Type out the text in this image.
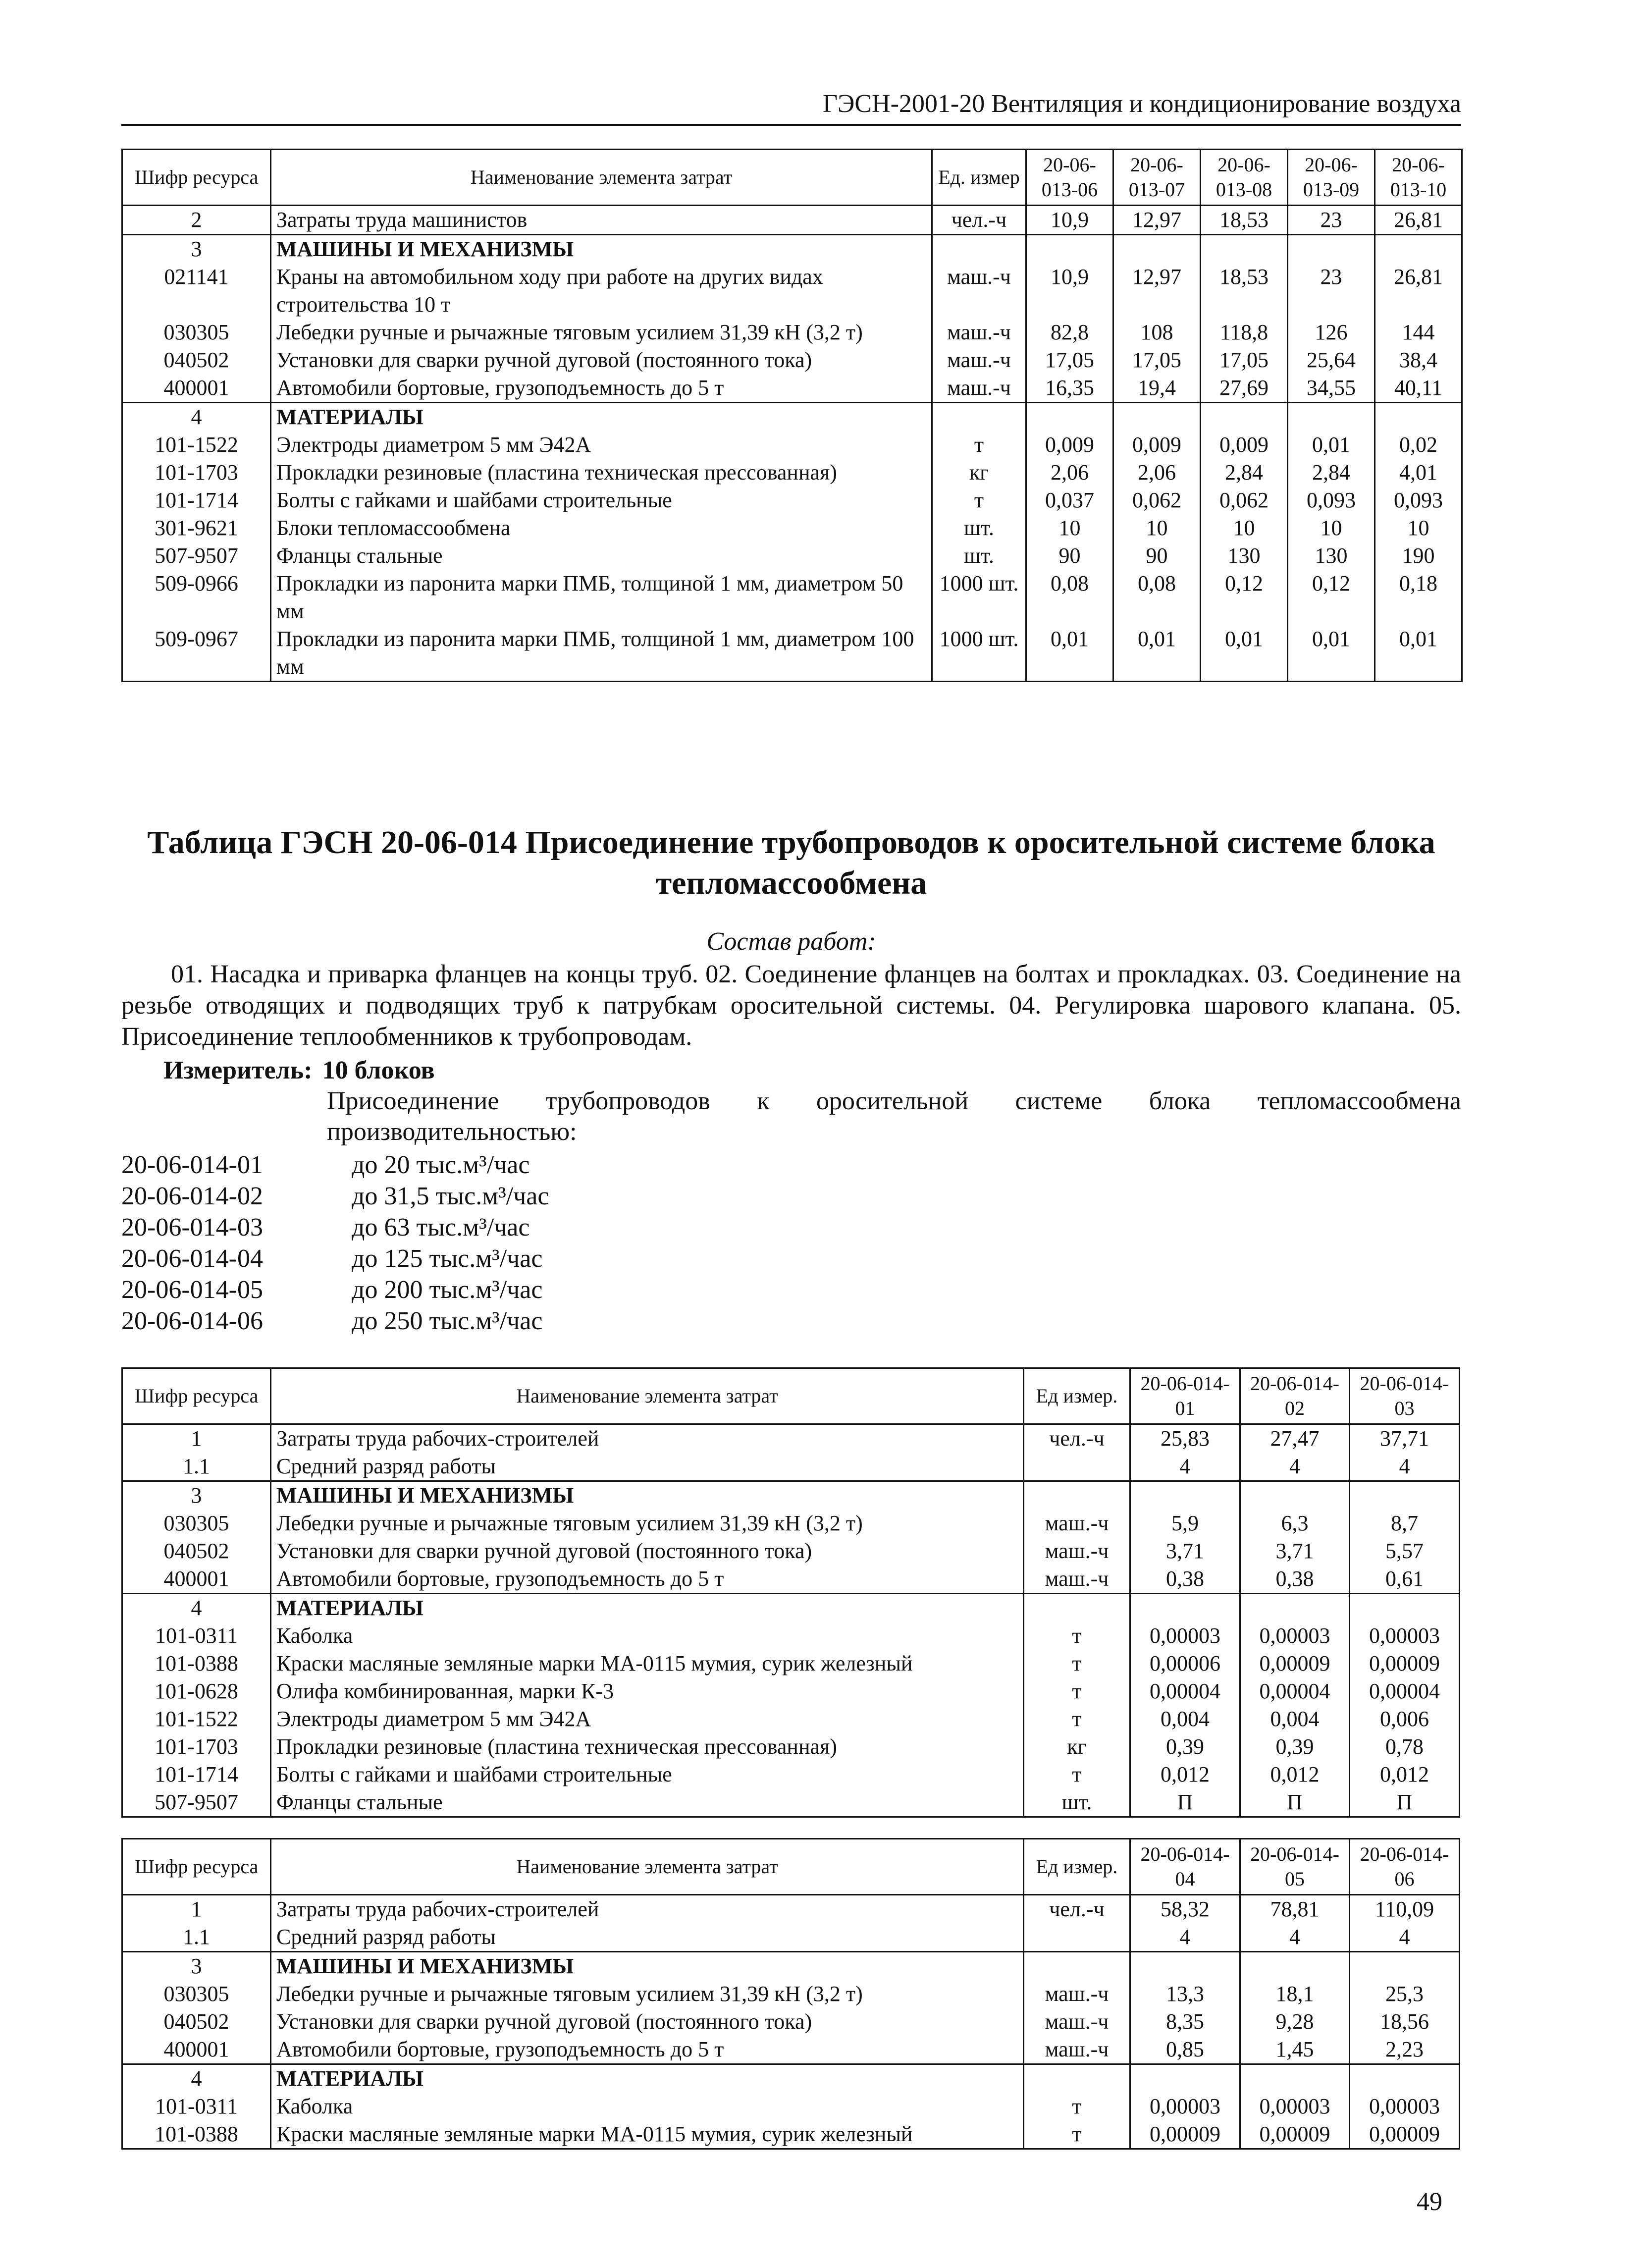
ГЭСН-2001-20 Вентиляция и кондиционирование воздуха
Шифр ресурса	Наименование элемента затрат	Ед. измер	20-06-013-06	20-06-013-07	20-06-013-08	20-06-013-09	20-06-013-10
2	Затраты труда машинистов	чел.-ч	10,9	12,97	18,53	23	26,81
3	МАШИНЫ И МЕХАНИЗМЫ						
021141	Краны на автомобильном ходу при работе на других видах строительства 10 т	маш.-ч	10,9	12,97	18,53	23	26,81
030305	Лебедки ручные и рычажные тяговым усилием 31,39 кН (3,2 т)	маш.-ч	82,8	108	118,8	126	144
040502	Установки для сварки ручной дуговой (постоянного тока)	маш.-ч	17,05	17,05	17,05	25,64	38,4
400001	Автомобили бортовые, грузоподъемность до 5 т	маш.-ч	16,35	19,4	27,69	34,55	40,11
4	МАТЕРИАЛЫ						
101-1522	Электроды диаметром 5 мм Э42А	т	0,009	0,009	0,009	0,01	0,02
101-1703	Прокладки резиновые (пластина техническая прессованная)	кг	2,06	2,06	2,84	2,84	4,01
101-1714	Болты с гайками и шайбами строительные	т	0,037	0,062	0,062	0,093	0,093
301-9621	Блоки тепломассообмена	шт.	10	10	10	10	10
507-9507	Фланцы стальные	шт.	90	90	130	130	190
509-0966	Прокладки из паронита марки ПМБ, толщиной 1 мм, диаметром 50 мм	1000 шт.	0,08	0,08	0,12	0,12	0,18
509-0967	Прокладки из паронита марки ПМБ, толщиной 1 мм, диаметром 100 мм	1000 шт.	0,01	0,01	0,01	0,01	0,01
Таблица ГЭСН 20-06-014 Присоединение трубопроводов к оросительной системе блока тепломассообмена
Состав работ:
01. Насадка и приварка фланцев на концы труб. 02. Соединение фланцев на болтах и прокладках. 03. Соединение на резьбе отводящих и подводящих труб к патрубкам оросительной системы. 04. Регулировка шарового клапана. 05. Присоединение теплообменников к трубопроводам.
Измеритель: 10 блоков
Присоединение трубопроводов к оросительной системе блока тепломассообмена производительностью:
20-06-014-01	до 20 тыс.м³/час
20-06-014-02	до 31,5 тыс.м³/час
20-06-014-03	до 63 тыс.м³/час
20-06-014-04	до 125 тыс.м³/час
20-06-014-05	до 200 тыс.м³/час
20-06-014-06	до 250 тыс.м³/час
Шифр ресурса	Наименование элемента затрат	Ед измер.	20-06-014-01	20-06-014-02	20-06-014-03
1	Затраты труда рабочих-строителей	чел.-ч	25,83	27,47	37,71
1.1	Средний разряд работы		4	4	4
3	МАШИНЫ И МЕХАНИЗМЫ				
030305	Лебедки ручные и рычажные тяговым усилием 31,39 кН (3,2 т)	маш.-ч	5,9	6,3	8,7
040502	Установки для сварки ручной дуговой (постоянного тока)	маш.-ч	3,71	3,71	5,57
400001	Автомобили бортовые, грузоподъемность до 5 т	маш.-ч	0,38	0,38	0,61
4	МАТЕРИАЛЫ				
101-0311	Каболка	т	0,00003	0,00003	0,00003
101-0388	Краски масляные земляные марки МА-0115 мумия, сурик железный	т	0,00006	0,00009	0,00009
101-0628	Олифа комбинированная, марки К-3	т	0,00004	0,00004	0,00004
101-1522	Электроды диаметром 5 мм Э42А	т	0,004	0,004	0,006
101-1703	Прокладки резиновые (пластина техническая прессованная)	кг	0,39	0,39	0,78
101-1714	Болты с гайками и шайбами строительные	т	0,012	0,012	0,012
507-9507	Фланцы стальные	шт.	П	П	П
Шифр ресурса	Наименование элемента затрат	Ед измер.	20-06-014-04	20-06-014-05	20-06-014-06
1	Затраты труда рабочих-строителей	чел.-ч	58,32	78,81	110,09
1.1	Средний разряд работы		4	4	4
3	МАШИНЫ И МЕХАНИЗМЫ				
030305	Лебедки ручные и рычажные тяговым усилием 31,39 кН (3,2 т)	маш.-ч	13,3	18,1	25,3
040502	Установки для сварки ручной дуговой (постоянного тока)	маш.-ч	8,35	9,28	18,56
400001	Автомобили бортовые, грузоподъемность до 5 т	маш.-ч	0,85	1,45	2,23
4	МАТЕРИАЛЫ				
101-0311	Каболка	т	0,00003	0,00003	0,00003
101-0388	Краски масляные земляные марки МА-0115 мумия, сурик железный	т	0,00009	0,00009	0,00009
49
